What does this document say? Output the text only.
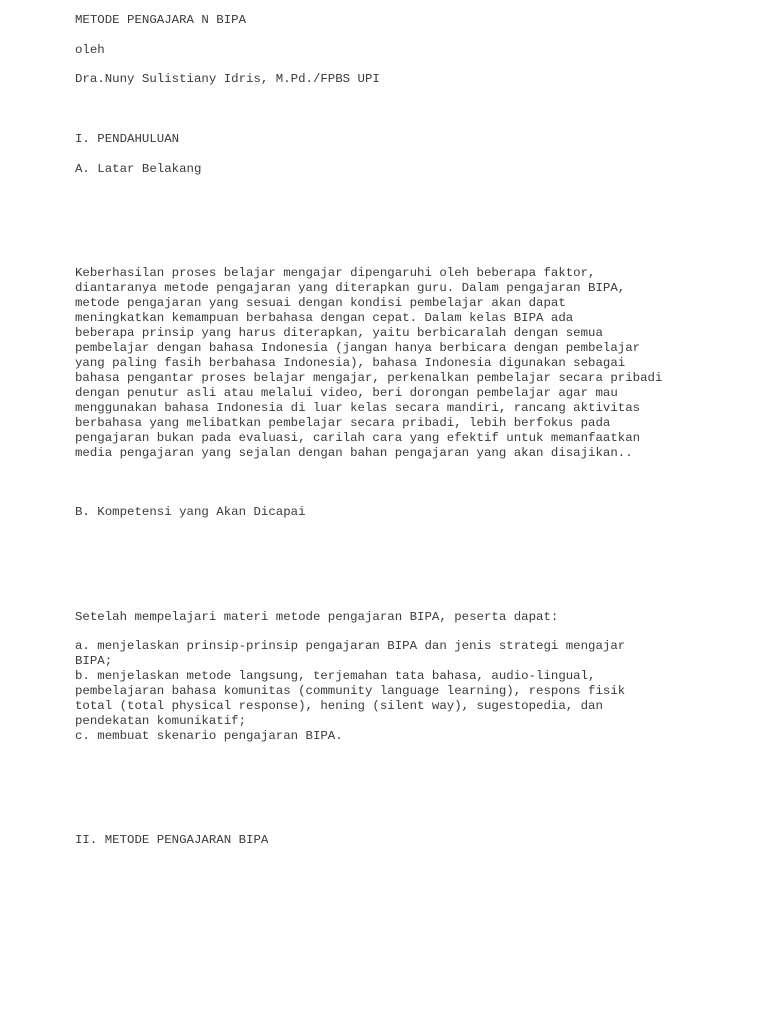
METODE PENGAJARA N BIPA

oleh

Dra.Nuny Sulistiany Idris, M.Pd./FPBS UPI

I. PENDAHULUAN

A. Latar Belakang

Keberhasilan proses belajar mengajar dipengaruhi oleh beberapa faktor,
diantaranya metode pengajaran yang diterapkan guru. Dalam pengajaran BIPA,
metode pengajaran yang sesuai dengan kondisi pembelajar akan dapat
meningkatkan kemampuan berbahasa dengan cepat. Dalam kelas BIPA ada
beberapa prinsip yang harus diterapkan, yaitu berbicaralah dengan semua
pembelajar dengan bahasa Indonesia (jangan hanya berbicara dengan pembelajar
yang paling fasih berbahasa Indonesia), bahasa Indonesia digunakan sebagai
bahasa pengantar proses belajar mengajar, perkenalkan pembelajar secara pribadi
dengan penutur asli atau melalui video, beri dorongan pembelajar agar mau
menggunakan bahasa Indonesia di luar kelas secara mandiri, rancang aktivitas
berbahasa yang melibatkan pembelajar secara pribadi, lebih berfokus pada
pengajaran bukan pada evaluasi, carilah cara yang efektif untuk memanfaatkan
media pengajaran yang sejalan dengan bahan pengajaran yang akan disajikan..

B. Kompetensi yang Akan Dicapai

Setelah mempelajari materi metode pengajaran BIPA, peserta dapat:

a. menjelaskan prinsip-prinsip pengajaran BIPA dan jenis strategi mengajar
BIPA;
b. menjelaskan metode langsung, terjemahan tata bahasa, audio-lingual,
pembelajaran bahasa komunitas (community language learning), respons fisik
total (total physical response), hening (silent way), sugestopedia, dan
pendekatan komunikatif;
c. membuat skenario pengajaran BIPA.

II. METODE PENGAJARAN BIPA
